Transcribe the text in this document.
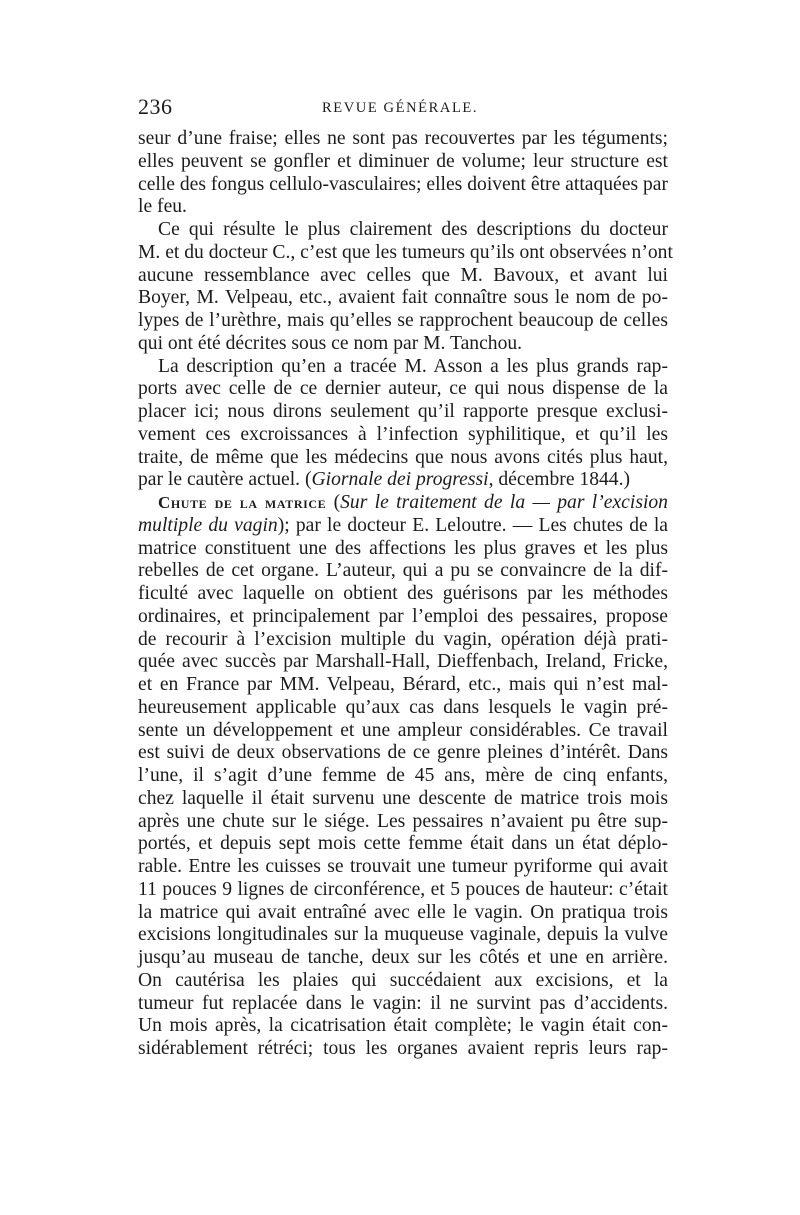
236	REVUE GÉNÉRALE.
seur d’une fraise; elles ne sont pas recouvertes par les téguments;
elles peuvent se gonfler et diminuer de volume; leur structure est
celle des fongus cellulo-vasculaires; elles doivent être attaquées par
le feu.
Ce qui résulte le plus clairement des descriptions du docteur
M. et du docteur C., c’est que les tumeurs qu’ils ont observées n’ont
aucune ressemblance avec celles que M. Bavoux, et avant lui
Boyer, M. Velpeau, etc., avaient fait connaître sous le nom de po-
lypes de l’urèthre, mais qu’elles se rapprochent beaucoup de celles
qui ont été décrites sous ce nom par M. Tanchou.
La description qu’en a tracée M. Asson a les plus grands rap-
ports avec celle de ce dernier auteur, ce qui nous dispense de la
placer ici; nous dirons seulement qu’il rapporte presque exclusi-
vement ces excroissances à l’infection syphilitique, et qu’il les
traite, de même que les médecins que nous avons cités plus haut,
par le cautère actuel. (Giornale dei progressi, décembre 1844.)
Chute de la matrice (Sur le traitement de la — par l’excision
multiple du vagin); par le docteur E. Leloutre. — Les chutes de la
matrice constituent une des affections les plus graves et les plus
rebelles de cet organe. L’auteur, qui a pu se convaincre de la dif-
ficulté avec laquelle on obtient des guérisons par les méthodes
ordinaires, et principalement par l’emploi des pessaires, propose
de recourir à l’excision multiple du vagin, opération déjà prati-
quée avec succès par Marshall-Hall, Dieffenbach, Ireland, Fricke,
et en France par MM. Velpeau, Bérard, etc., mais qui n’est mal-
heureusement applicable qu’aux cas dans lesquels le vagin pré-
sente un développement et une ampleur considérables. Ce travail
est suivi de deux observations de ce genre pleines d’intérêt. Dans
l’une, il s’agit d’une femme de 45 ans, mère de cinq enfants,
chez laquelle il était survenu une descente de matrice trois mois
après une chute sur le siége. Les pessaires n’avaient pu être sup-
portés, et depuis sept mois cette femme était dans un état déplo-
rable. Entre les cuisses se trouvait une tumeur pyriforme qui avait
11 pouces 9 lignes de circonférence, et 5 pouces de hauteur: c’était
la matrice qui avait entraîné avec elle le vagin. On pratiqua trois
excisions longitudinales sur la muqueuse vaginale, depuis la vulve
jusqu’au museau de tanche, deux sur les côtés et une en arrière.
On cautérisa les plaies qui succédaient aux excisions, et la
tumeur fut replacée dans le vagin: il ne survint pas d’accidents.
Un mois après, la cicatrisation était complète; le vagin était con-
sidérablement rétréci; tous les organes avaient repris leurs rap-
